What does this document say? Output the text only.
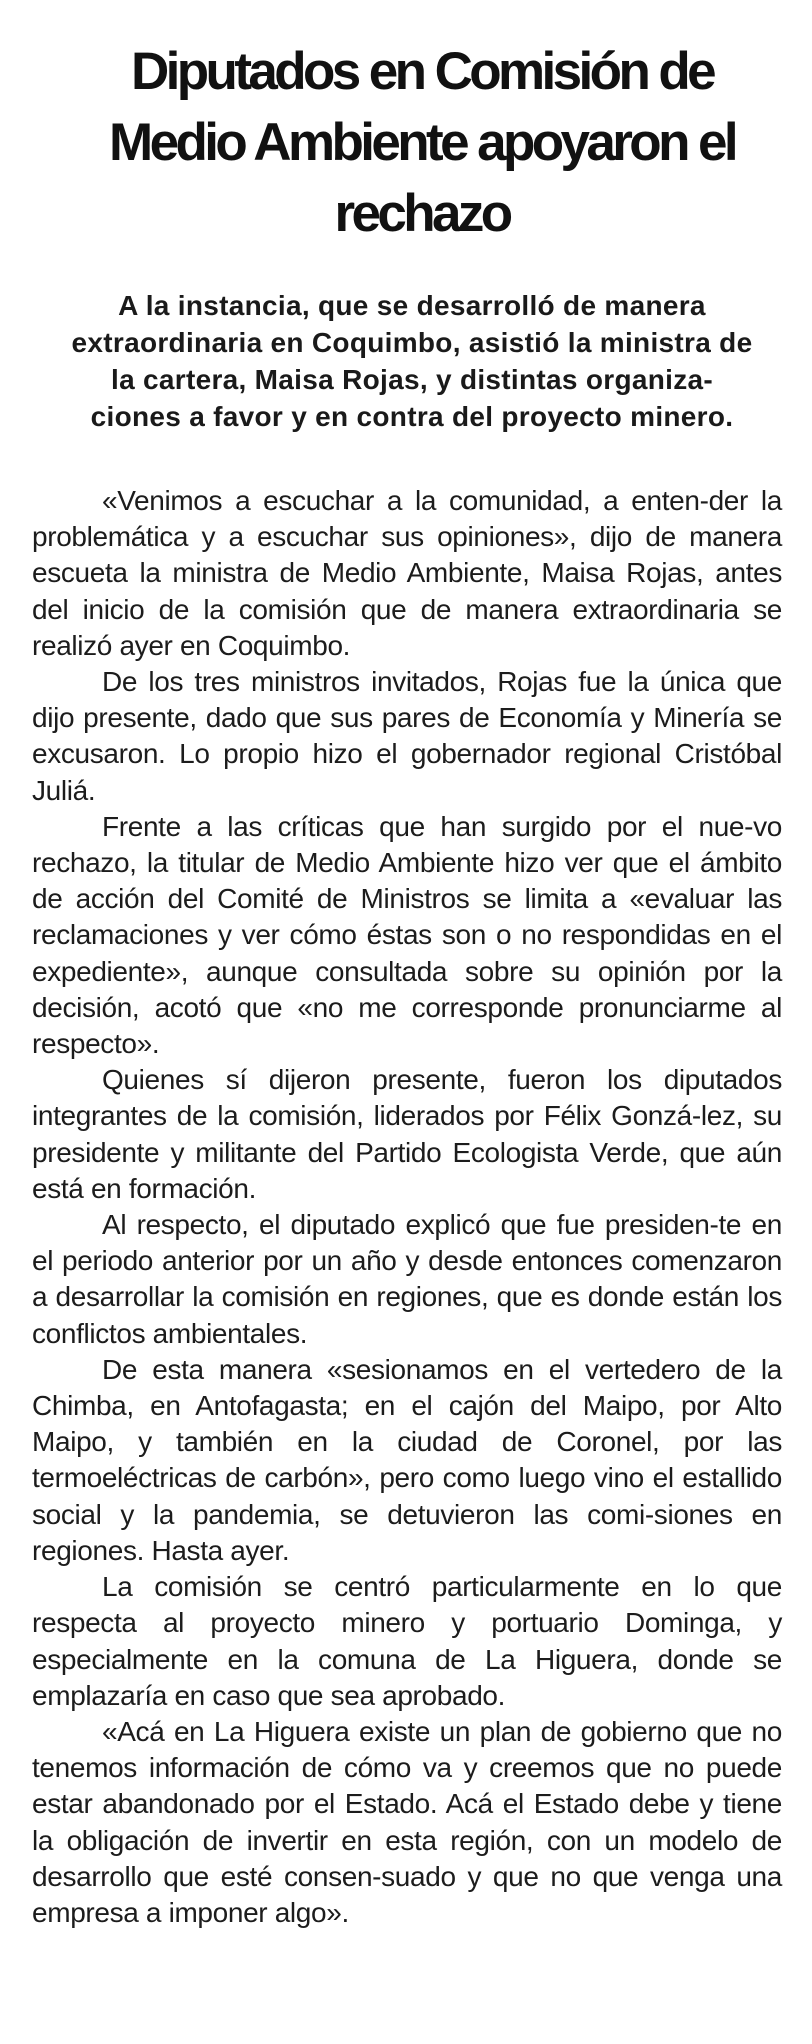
Diputados en Comisión de Medio Ambiente apoyaron el rechazo

A la instancia, que se desarrolló de manera extraordinaria en Coquimbo, asistió la ministra de la cartera, Maisa Rojas, y distintas organiza-ciones a favor y en contra del proyecto minero.

«Venimos a escuchar a la comunidad, a enten-der la problemática y a escuchar sus opiniones», dijo de manera escueta la ministra de Medio Ambiente, Maisa Rojas, antes del inicio de la comisión que de manera extraordinaria se realizó ayer en Coquimbo.

De los tres ministros invitados, Rojas fue la única que dijo presente, dado que sus pares de Economía y Minería se excusaron. Lo propio hizo el gobernador regional Cristóbal Juliá.

Frente a las críticas que han surgido por el nue-vo rechazo, la titular de Medio Ambiente hizo ver que el ámbito de acción del Comité de Ministros se limita a «evaluar las reclamaciones y ver cómo éstas son o no respondidas en el expediente», aunque consultada sobre su opinión por la decisión, acotó que «no me corresponde pronunciarme al respecto».

Quienes sí dijeron presente, fueron los diputados integrantes de la comisión, liderados por Félix Gonzá-lez, su presidente y militante del Partido Ecologista Verde, que aún está en formación.

Al respecto, el diputado explicó que fue presiden-te en el periodo anterior por un año y desde entonces comenzaron a desarrollar la comisión en regiones, que es donde están los conflictos ambientales.

De esta manera «sesionamos en el vertedero de la Chimba, en Antofagasta; en el cajón del Maipo, por Alto Maipo, y también en la ciudad de Coronel, por las termoeléctricas de carbón», pero como luego vino el estallido social y la pandemia, se detuvieron las comi-siones en regiones. Hasta ayer.

La comisión se centró particularmente en lo que respecta al proyecto minero y portuario Dominga, y especialmente en la comuna de La Higuera, donde se emplazaría en caso que sea aprobado.

«Acá en La Higuera existe un plan de gobierno que no tenemos información de cómo va y creemos que no puede estar abandonado por el Estado. Acá el Estado debe y tiene la obligación de invertir en esta región, con un modelo de desarrollo que esté consen-suado y que no que venga una empresa a imponer algo».
